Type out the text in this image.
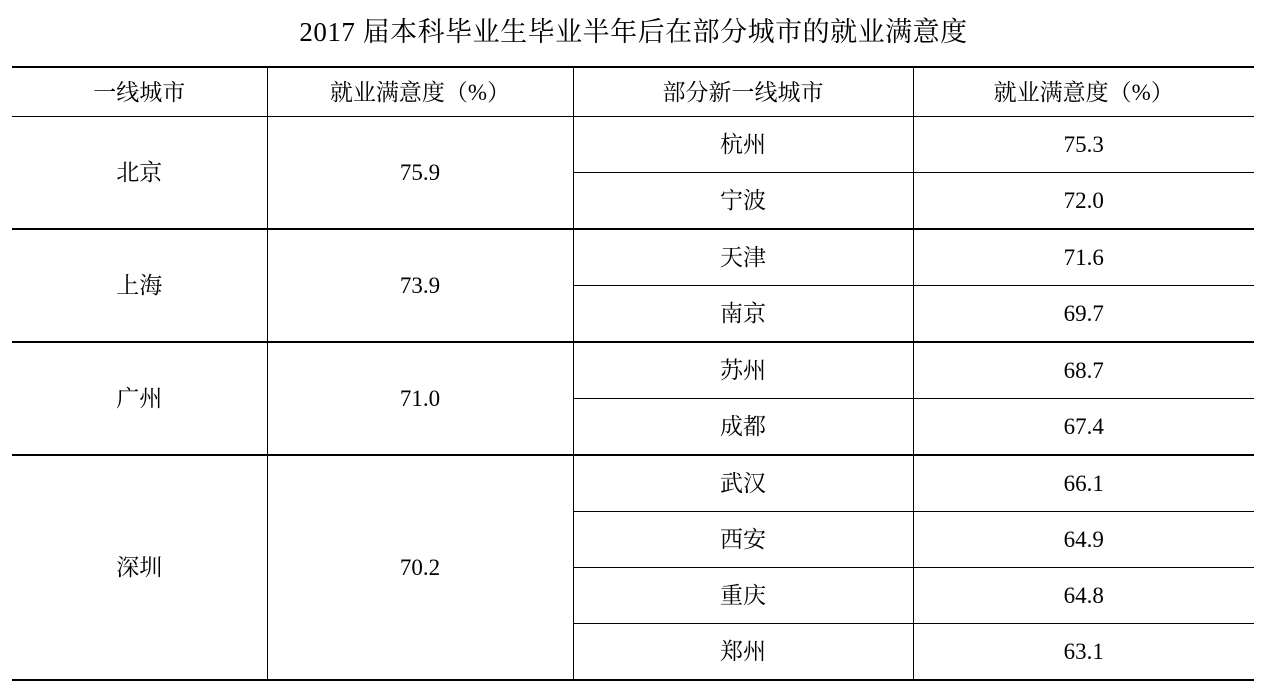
2017 届本科毕业生毕业半年后在部分城市的就业满意度
一线城市	就业满意度（%）	部分新一线城市	就业满意度（%）
北京	75.9	杭州	75.3
		宁波	72.0
上海	73.9	天津	71.6
		南京	69.7
广州	71.0	苏州	68.7
		成都	67.4
深圳	70.2	武汉	66.1
		西安	64.9
		重庆	64.8
		郑州	63.1
